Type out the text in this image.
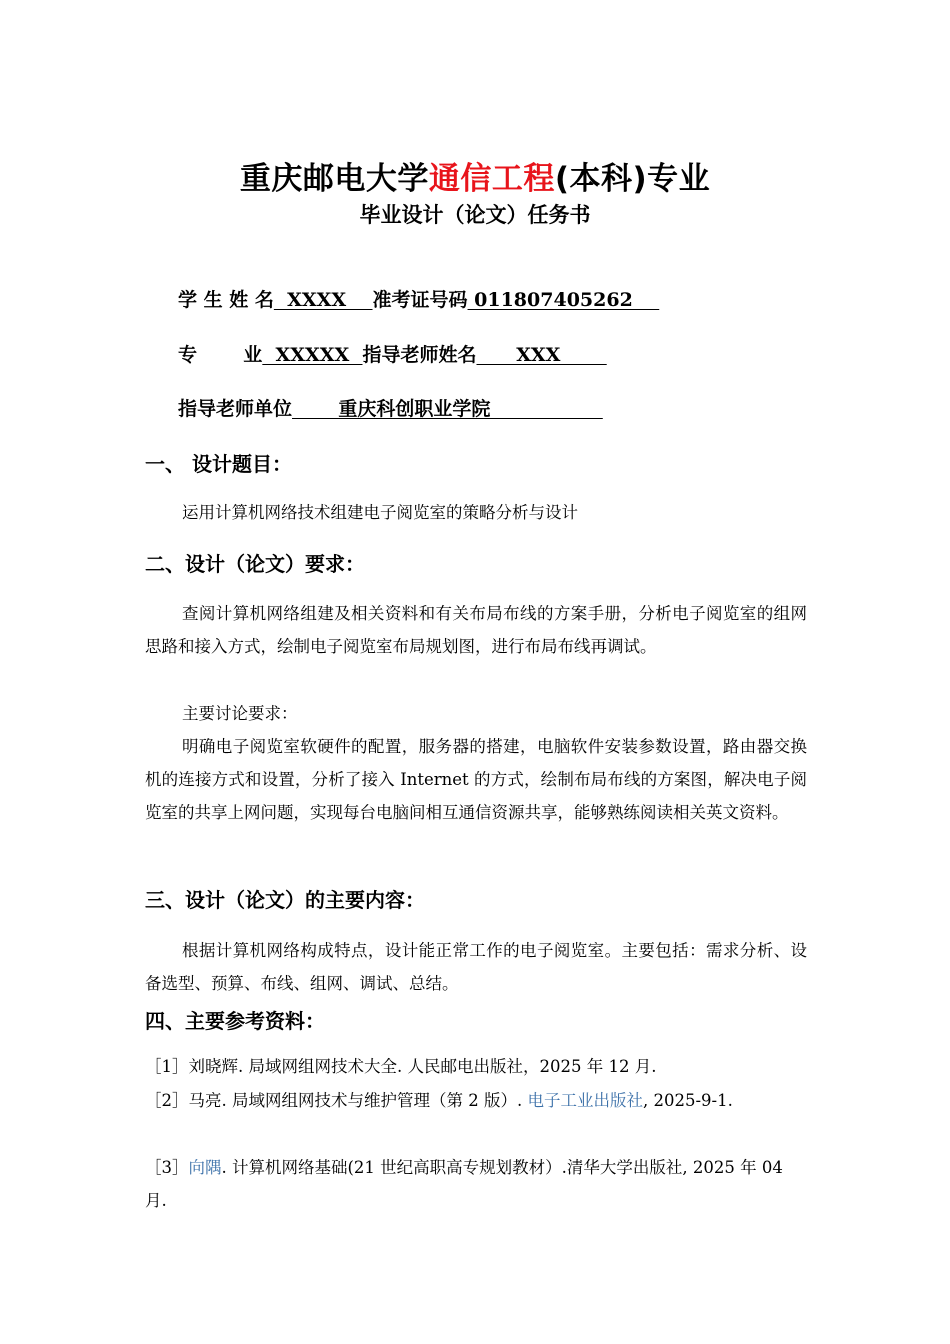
重庆邮电大学通信工程(本科)专业
毕业设计（论文）任务书
学 生 姓 名  XXXX    准考证号码 011807405262
专       业  XXXXX  指导老师姓名      XXX
指导老师单位       重庆科创职业学院
一、 设计题目：
运用计算机网络技术组建电子阅览室的策略分析与设计
二、设计（论文）要求：
查阅计算机网络组建及相关资料和有关布局布线的方案手册，分析电子阅览室的组网思路和接入方式，绘制电子阅览室布局规划图，进行布局布线再调试。
主要讨论要求：
明确电子阅览室软硬件的配置，服务器的搭建，电脑软件安装参数设置，路由器交换机的连接方式和设置，分析了接入 Internet 的方式，绘制布局布线的方案图，解决电子阅览室的共享上网问题，实现每台电脑间相互通信资源共享，能够熟练阅读相关英文资料。
三、设计（论文）的主要内容：
根据计算机网络构成特点，设计能正常工作的电子阅览室。主要包括：需求分析、设备选型、预算、布线、组网、调试、总结。
四、主要参考资料：
［1］刘晓辉. 局域网组网技术大全. 人民邮电出版社，2025 年 12 月.
［2］马亮. 局域网组网技术与维护管理（第 2 版）. 电子工业出版社, 2025-9-1.
［3］向隅. 计算机网络基础(21 世纪高职高专规划教材）.清华大学出版社, 2025 年 04 月.
